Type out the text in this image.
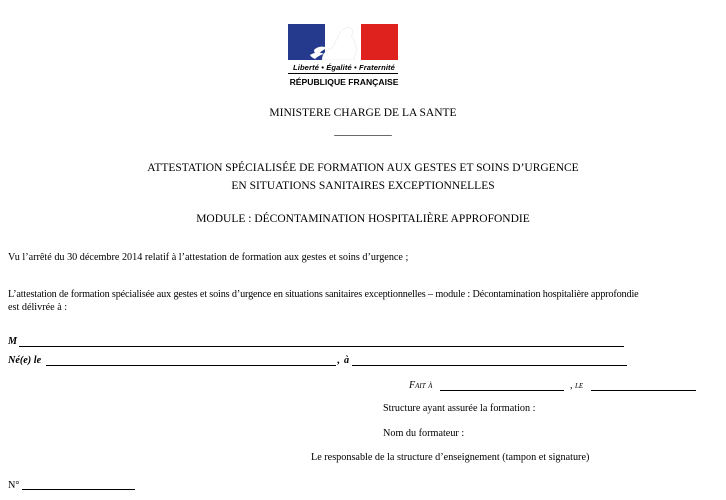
Liberté • Égalité • Fraternité
RÉPUBLIQUE FRANÇAISE
MINISTERE CHARGE DE LA SANTE
__________
ATTESTATION SPÉCIALISÉE DE FORMATION AUX GESTES ET SOINS D’URGENCE
EN SITUATIONS SANITAIRES EXCEPTIONNELLES
MODULE : DÉCONTAMINATION HOSPITALIÈRE APPROFONDIE
Vu l’arrêté du 30 décembre 2014 relatif à l’attestation de formation aux gestes et soins d’urgence ;
L’attestation de formation spécialisée aux gestes et soins d’urgence en situations sanitaires exceptionnelles – module : Décontamination hospitalière approfondie
est délivrée à :
M
Né(e) le	, à
Fait à	, le
Structure ayant assurée la formation :
Nom du formateur :
Le responsable de la structure d’enseignement (tampon et signature)
N°
